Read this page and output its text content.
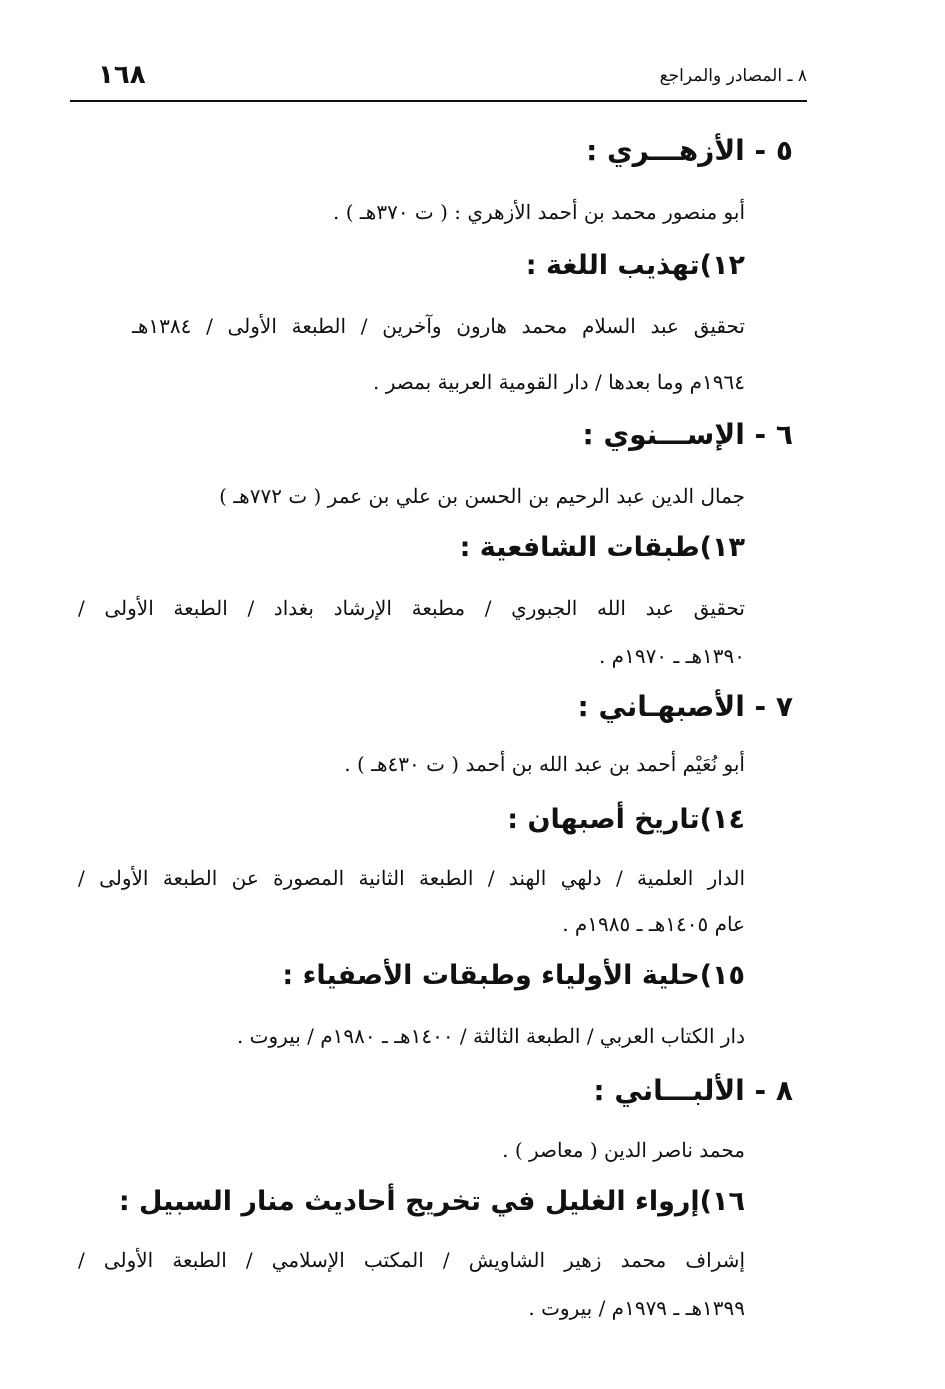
٨ ـ المصادر والمراجع
١٦٨
٥ - الأزهـــري :
أبو منصور محمد بن أحمد الأزهري : ( ت ٣٧٠هـ ) .
١٢)تهذيب اللغة :
تحقيق عبد السلام محمد هارون وآخرين / الطبعة الأولى / ١٣٨٤هـ
١٩٦٤م وما بعدها / دار القومية العربية بمصر .
٦ - الإســـنوي :
جمال الدين عبد الرحيم بن الحسن بن علي بن عمر ( ت ٧٧٢هـ )
١٣)طبقات الشافعية :
تحقيق عبد الله الجبوري / مطبعة الإرشاد بغداد / الطبعة الأولى /
١٣٩٠هـ ـ ١٩٧٠م .
٧ - الأصبهـاني :
أبو نُعَيْم أحمد بن عبد الله بن أحمد ( ت ٤٣٠هـ ) .
١٤)تاريخ أصبهان :
الدار العلمية / دلهي الهند / الطبعة الثانية المصورة عن الطبعة الأولى /
عام ١٤٠٥هـ ـ ١٩٨٥م .
١٥)حلية الأولياء وطبقات الأصفياء :
دار الكتاب العربي / الطبعة الثالثة / ١٤٠٠هـ ـ ١٩٨٠م / بيروت .
٨ - الألبـــاني :
محمد ناصر الدين ( معاصر ) .
١٦)إرواء الغليل في تخريج أحاديث منار السبيل :
إشراف محمد زهير الشاويش / المكتب الإسلامي / الطبعة الأولى /
١٣٩٩هـ ـ ١٩٧٩م / بيروت .
